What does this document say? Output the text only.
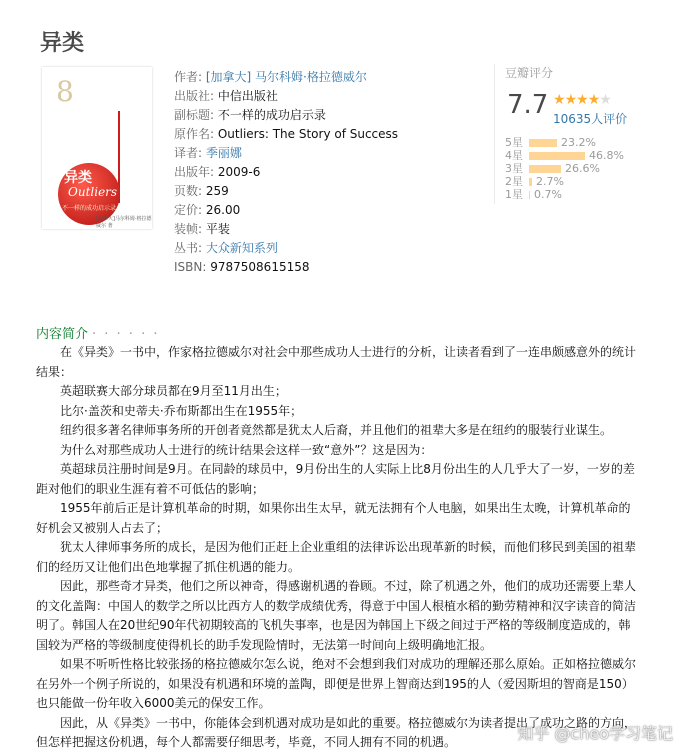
异类
8
异类
Outliers
不一样的成功启示录
[加拿大]马尔科姆·格拉德威尔 著
作者: [加拿大] 马尔科姆·格拉德威尔
出版社: 中信出版社
副标题: 不一样的成功启示录
原作名: Outliers: The Story of Success
译者: 季丽娜
出版年: 2009-6
页数: 259
定价: 26.00
装帧: 平装
丛书: 大众新知系列
ISBN: 9787508615158
豆瓣评分
7.7 ★★★★★
10635人评价
5星	23.2%
4星	46.8%
3星	26.6%
2星	2.7%
1星	0.7%
内容简介 · · · · · ·

在《异类》一书中，作家格拉德威尔对社会中那些成功人士进行的分析，让读者看到了一连串颇感意外的统计结果：

英超联赛大部分球员都在9月至11月出生；

比尔·盖茨和史蒂夫·乔布斯都出生在1955年；

纽约很多著名律师事务所的开创者竟然都是犹太人后裔，并且他们的祖辈大多是在纽约的服装行业谋生。

为什么对那些成功人士进行的统计结果会这样一致“意外”？这是因为：

英超球员注册时间是9月。在同龄的球员中，9月份出生的人实际上比8月份出生的人几乎大了一岁，一岁的差距对他们的职业生涯有着不可低估的影响；

1955年前后正是计算机革命的时期，如果你出生太早，就无法拥有个人电脑，如果出生太晚，计算机革命的好机会又被别人占去了；

犹太人律师事务所的成长，是因为他们正赶上企业重组的法律诉讼出现革新的时候，而他们移民到美国的祖辈们的经历又让他们出色地掌握了抓住机遇的能力。

因此，那些奇才异类，他们之所以神奇，得感谢机遇的眷顾。不过，除了机遇之外，他们的成功还需要上辈人的文化盖陶：中国人的数学之所以比西方人的数学成绩优秀，得意于中国人根植水稻的勤劳精神和汉字读音的简洁明了。韩国人在20世纪90年代初期较高的飞机失事率，也是因为韩国上下级之间过于严格的等级制度造成的，韩国较为严格的等级制度使得机长的助手发现险情时，无法第一时间向上级明确地汇报。

如果不听听性格比较张扬的格拉德威尔怎么说，绝对不会想到我们对成功的理解还那么原始。正如格拉德威尔在另外一个例子所说的，如果没有机遇和环境的盖陶，即便是世界上智商达到195的人（爱因斯坦的智商是150）也只能做一份年收入6000美元的保安工作。

因此，从《异类》一书中，你能体会到机遇对成功是如此的重要。格拉德威尔为读者提出了成功之路的方向，但怎样把握这份机遇，每个人都需要仔细思考，毕竟，不同人拥有不同的机遇。	知乎 @cheo学习笔记
